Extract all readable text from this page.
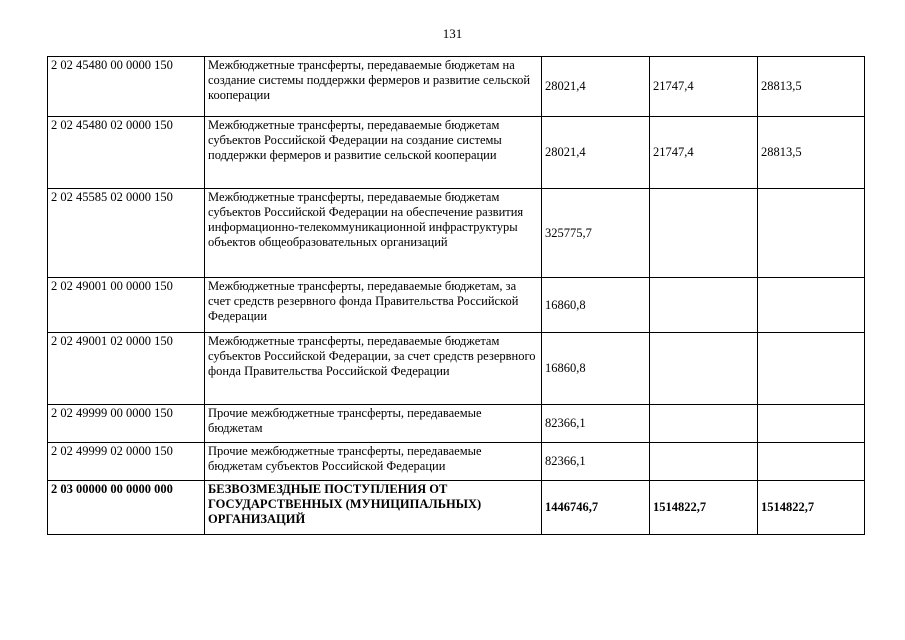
131
2 02 45480 00 0000 150	Межбюджетные трансферты, передаваемые бюджетам на создание системы поддержки фермеров и развитие сельской кооперации	28021,4	21747,4	28813,5
2 02 45480 02 0000 150	Межбюджетные трансферты, передаваемые бюджетам субъектов Российской Федерации на создание системы поддержки фермеров и развитие сельской кооперации	28021,4	21747,4	28813,5
2 02 45585 02 0000 150	Межбюджетные трансферты, передаваемые бюджетам субъектов Российской Федерации на обеспечение развития информационно-телекоммуникационной инфраструктуры объектов общеобразовательных организаций	325775,7		
2 02 49001 00 0000 150	Межбюджетные трансферты, передаваемые бюджетам, за счет средств резервного фонда Правительства Российской Федерации	16860,8		
2 02 49001 02 0000 150	Межбюджетные трансферты, передаваемые бюджетам субъектов Российской Федерации, за счет средств резервного фонда Правительства Российской Федерации	16860,8		
2 02 49999 00 0000 150	Прочие межбюджетные трансферты, передаваемые бюджетам	82366,1		
2 02 49999 02 0000 150	Прочие межбюджетные трансферты, передаваемые бюджетам субъектов Российской Федерации	82366,1		
2 03 00000 00 0000 000	БЕЗВОЗМЕЗДНЫЕ ПОСТУПЛЕНИЯ ОТ ГОСУДАРСТВЕННЫХ (МУНИЦИПАЛЬНЫХ) ОРГАНИЗАЦИЙ	1446746,7	1514822,7	1514822,7
